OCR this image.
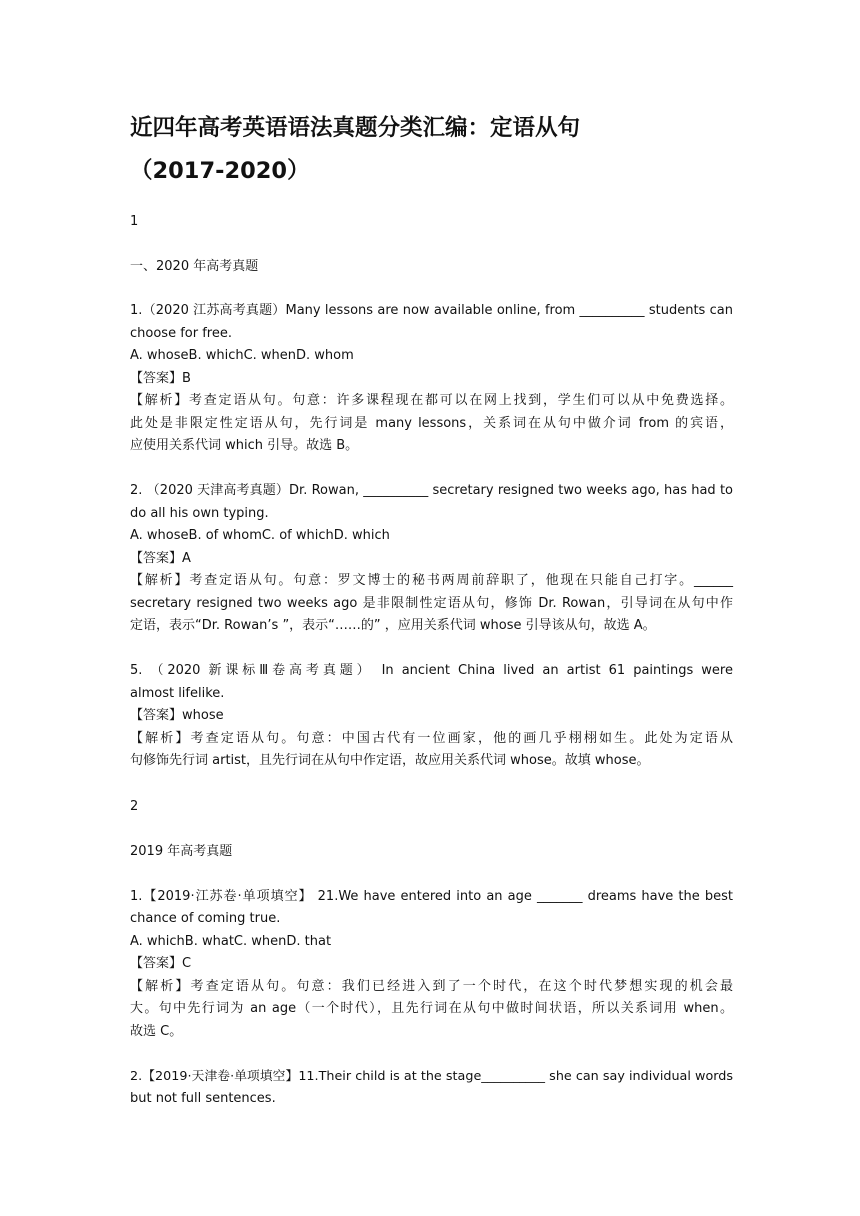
近四年高考英语语法真题分类汇编：定语从句
（2017-2020）
1
一、2020 年高考真题
1.（2020 江苏高考真题）Many lessons are now available online, from __________ students can
choose for free.
A. whoseB. whichC. whenD. whom
【答案】B
【解析】考查定语从句。句意：许多课程现在都可以在网上找到，学生们可以从中免费选择。
此处是非限定性定语从句，先行词是 many lessons，关系词在从句中做介词 from 的宾语，
应使用关系代词 which 引导。故选 B。
2. （2020 天津高考真题）Dr. Rowan, __________ secretary resigned two weeks ago, has had to
do all his own typing.
A. whoseB. of whomC. of whichD. which
【答案】A
【解析】考查定语从句。句意：罗文博士的秘书两周前辞职了，他现在只能自己打字。______
secretary resigned two weeks ago 是非限制性定语从句，修饰 Dr. Rowan，引导词在从句中作
定语，表示“Dr. Rowan’s ”，表示“……的” ，应用关系代词 whose 引导该从句，故选 A。
5. （2020 新课标Ⅲ卷高考真题） In ancient China lived an artist 61 paintings were
almost lifelike.
【答案】whose
【解析】考查定语从句。句意：中国古代有一位画家，他的画几乎栩栩如生。此处为定语从
句修饰先行词 artist，且先行词在从句中作定语，故应用关系代词 whose。故填 whose。
2
2019 年高考真题
1.【2019·江苏卷·单项填空】 21.We have entered into an age _______ dreams have the best
chance of coming true.
A. whichB. whatC. whenD. that
【答案】C
【解析】考查定语从句。句意：我们已经进入到了一个时代，在这个时代梦想实现的机会最
大。句中先行词为 an age（一个时代），且先行词在从句中做时间状语，所以关系词用 when。
故选 C。
2.【2019·天津卷·单项填空】11.Their child is at the stage__________ she can say individual words
but not full sentences.
